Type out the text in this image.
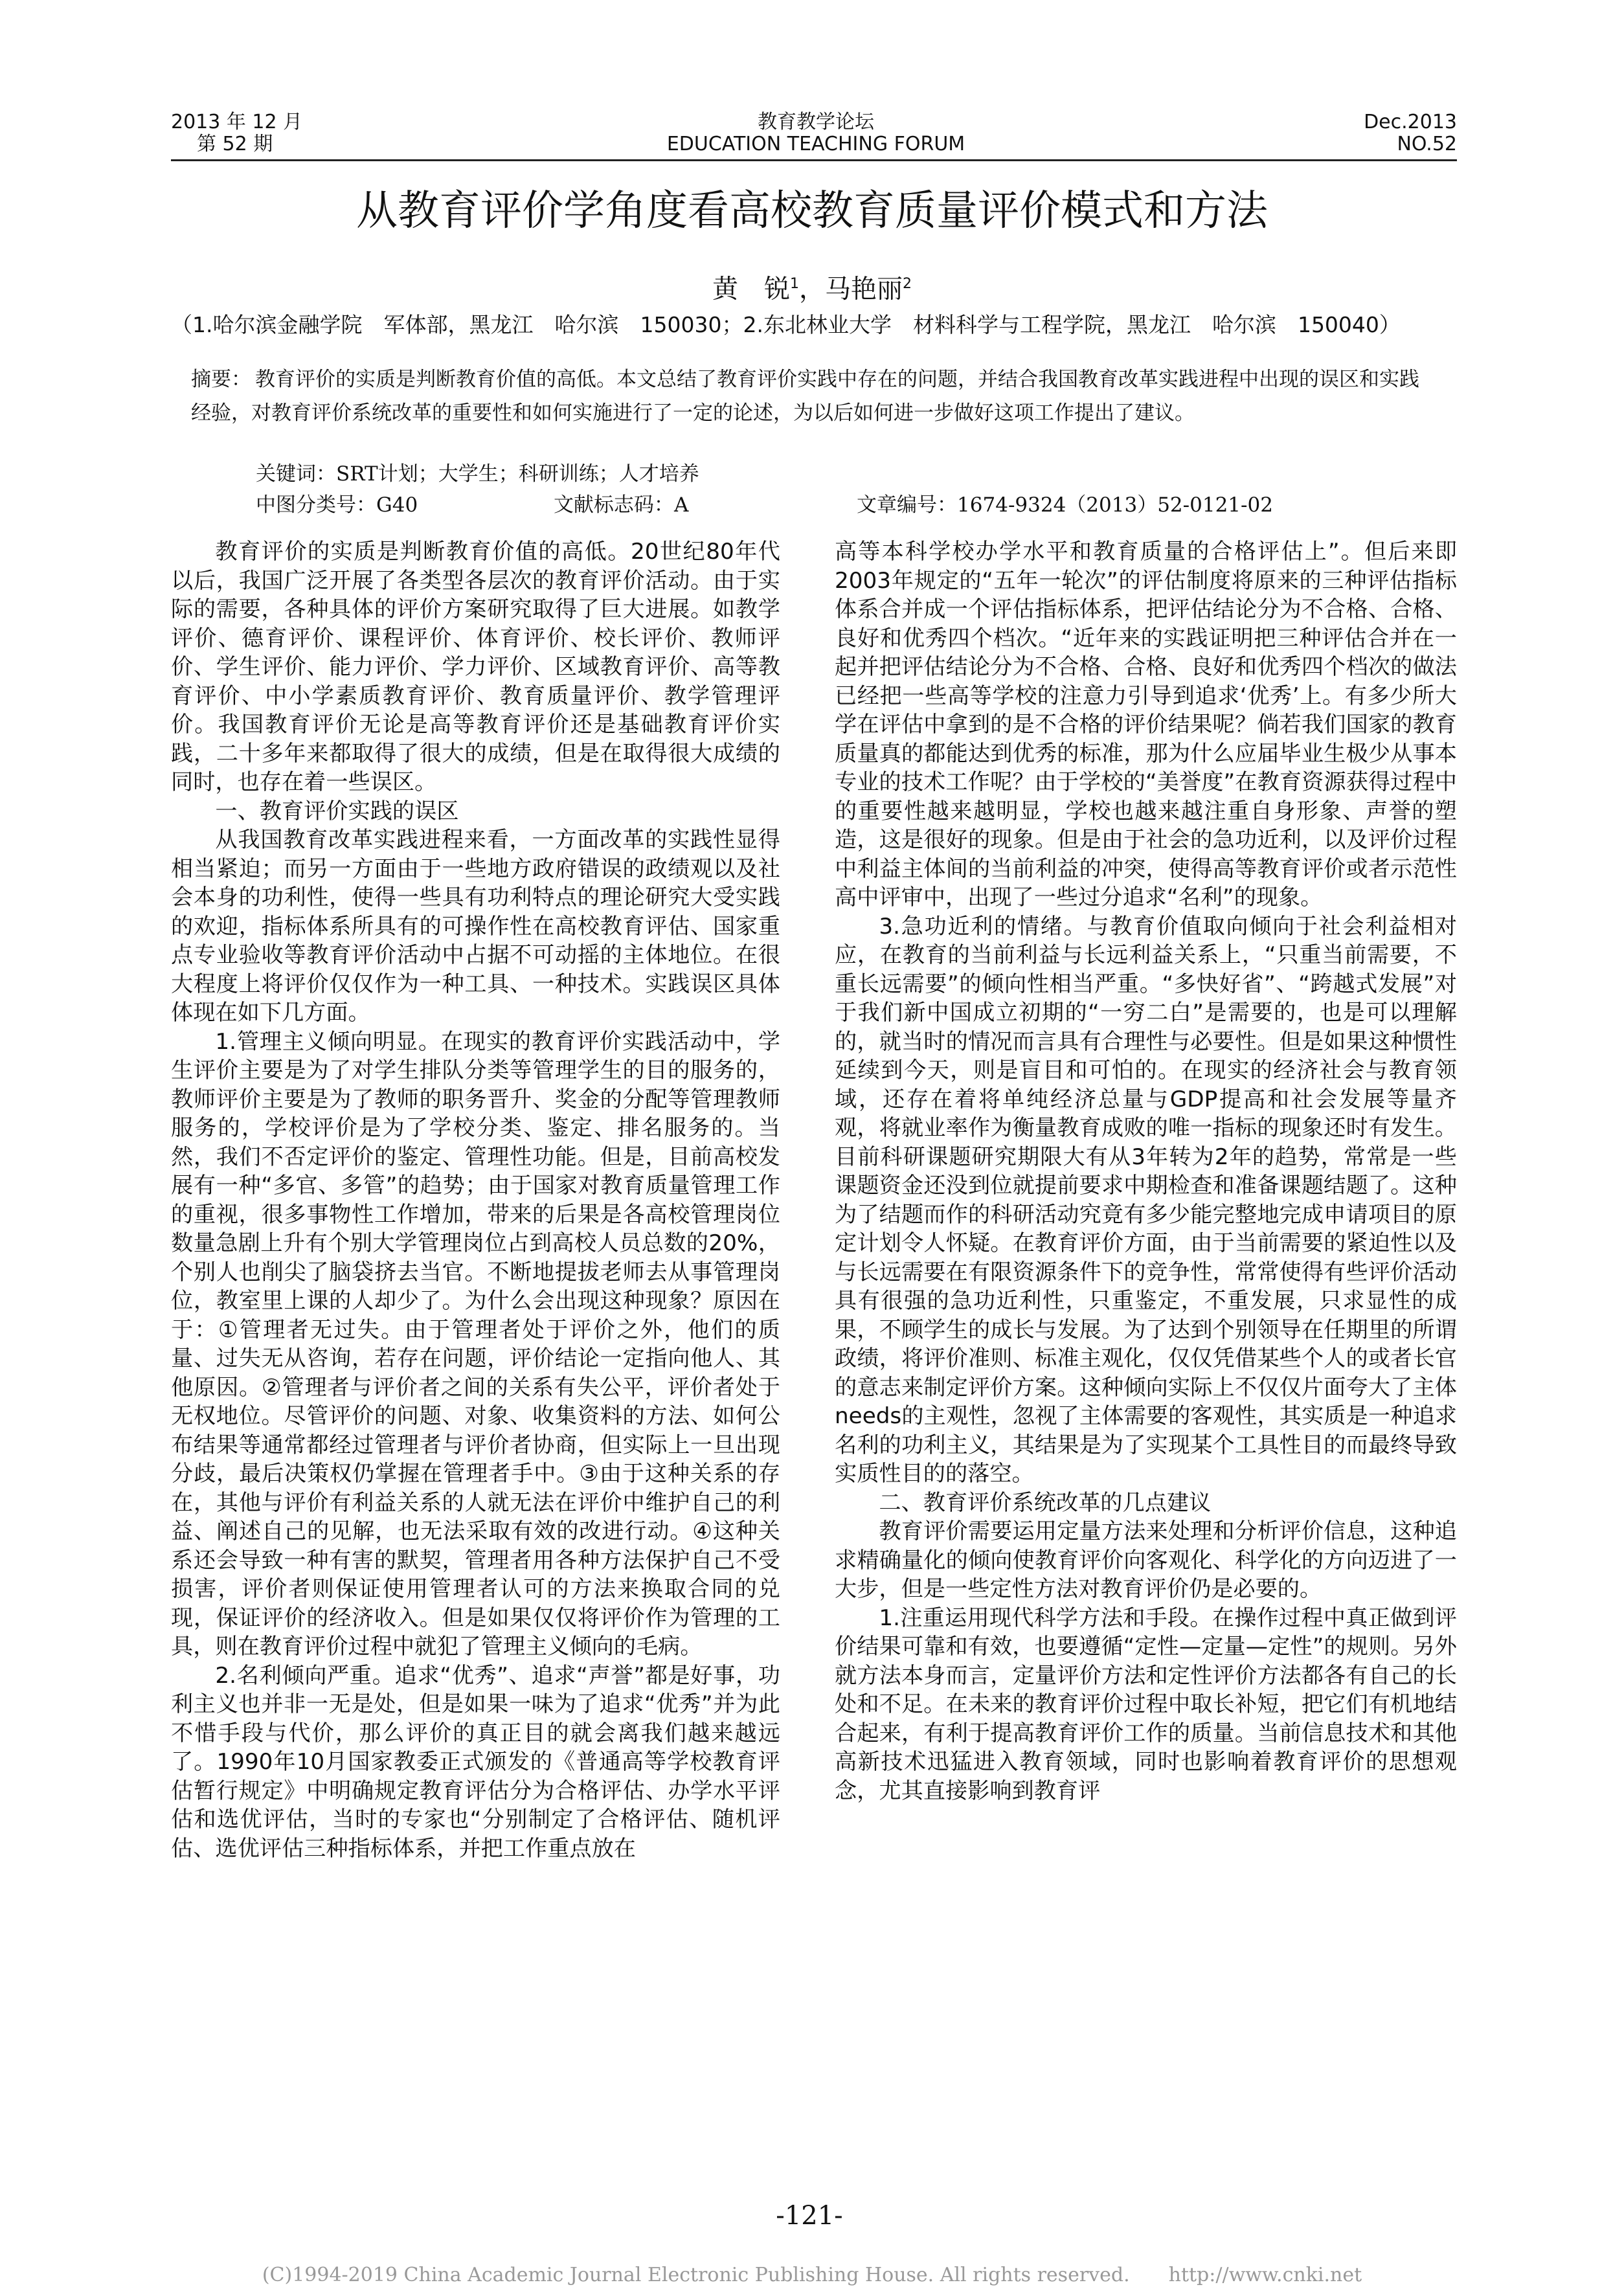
2013 年 12 月
第 52 期
教育教学论坛
EDUCATION TEACHING FORUM
Dec.2013
NO.52
从教育评价学角度看高校教育质量评价模式和方法
黄　锐$^1$，马艳丽$^2$
（1.哈尔滨金融学院　军体部，黑龙江　哈尔滨　150030；2.东北林业大学　材料科学与工程学院，黑龙江　哈尔滨　150040）
摘要： 教育评价的实质是判断教育价值的高低。本文总结了教育评价实践中存在的问题，并结合我国教育改革实践进程中出现的误区和实践经验，对教育评价系统改革的重要性和如何实施进行了一定的论述，为以后如何进一步做好这项工作提出了建议。
关键词：SRT计划；大学生；科研训练；人才培养
中图分类号：G40	文献标志码：A	文章编号：1674-9324（2013）52-0121-02

教育评价的实质是判断教育价值的高低。20世纪80年代以后，我国广泛开展了各类型各层次的教育评价活动。由于实际的需要，各种具体的评价方案研究取得了巨大进展。如教学评价、德育评价、课程评价、体育评价、校长评价、教师评价、学生评价、能力评价、学力评价、区域教育评价、高等教育评价、中小学素质教育评价、教育质量评价、教学管理评价。我国教育评价无论是高等教育评价还是基础教育评价实践，二十多年来都取得了很大的成绩，但是在取得很大成绩的同时，也存在着一些误区。

一、教育评价实践的误区

从我国教育改革实践进程来看，一方面改革的实践性显得相当紧迫；而另一方面由于一些地方政府错误的政绩观以及社会本身的功利性，使得一些具有功利特点的理论研究大受实践的欢迎，指标体系所具有的可操作性在高校教育评估、国家重点专业验收等教育评价活动中占据不可动摇的主体地位。在很大程度上将评价仅仅作为一种工具、一种技术。实践误区具体体现在如下几方面。

1.管理主义倾向明显。在现实的教育评价实践活动中，学生评价主要是为了对学生排队分类等管理学生的目的服务的，教师评价主要是为了教师的职务晋升、奖金的分配等管理教师服务的，学校评价是为了学校分类、鉴定、排名服务的。当然，我们不否定评价的鉴定、管理性功能。但是，目前高校发展有一种“多官、多管”的趋势；由于国家对教育质量管理工作的重视，很多事物性工作增加，带来的后果是各高校管理岗位数量急剧上升有个别大学管理岗位占到高校人员总数的20%，个别人也削尖了脑袋挤去当官。不断地提拔老师去从事管理岗位，教室里上课的人却少了。为什么会出现这种现象？原因在于：①管理者无过失。由于管理者处于评价之外，他们的质量、过失无从咨询，若存在问题，评价结论一定指向他人、其他原因。②管理者与评价者之间的关系有失公平，评价者处于无权地位。尽管评价的问题、对象、收集资料的方法、如何公布结果等通常都经过管理者与评价者协商，但实际上一旦出现分歧，最后决策权仍掌握在管理者手中。③由于这种关系的存在，其他与评价有利益关系的人就无法在评价中维护自己的利益、阐述自己的见解，也无法采取有效的改进行动。④这种关系还会导致一种有害的默契，管理者用各种方法保护自己不受损害，评价者则保证使用管理者认可的方法来换取合同的兑现，保证评价的经济收入。但是如果仅仅将评价作为管理的工具，则在教育评价过程中就犯了管理主义倾向的毛病。

2.名利倾向严重。追求“优秀”、追求“声誉”都是好事，功利主义也并非一无是处，但是如果一味为了追求“优秀”并为此不惜手段与代价，那么评价的真正目的就会离我们越来越远了。1990年10月国家教委正式颁发的《普通高等学校教育评估暂行规定》中明确规定教育评估分为合格评估、办学水平评估和选优评估，当时的专家也“分别制定了合格评估、随机评估、选优评估三种指标体系，并把工作重点放在

高等本科学校办学水平和教育质量的合格评估上”。但后来即2003年规定的“五年一轮次”的评估制度将原来的三种评估指标体系合并成一个评估指标体系，把评估结论分为不合格、合格、良好和优秀四个档次。“近年来的实践证明把三种评估合并在一起并把评估结论分为不合格、合格、良好和优秀四个档次的做法已经把一些高等学校的注意力引导到追求‘优秀’上。有多少所大学在评估中拿到的是不合格的评价结果呢？倘若我们国家的教育质量真的都能达到优秀的标准，那为什么应届毕业生极少从事本专业的技术工作呢？由于学校的“美誉度”在教育资源获得过程中的重要性越来越明显，学校也越来越注重自身形象、声誉的塑造，这是很好的现象。但是由于社会的急功近利，以及评价过程中利益主体间的当前利益的冲突，使得高等教育评价或者示范性高中评审中，出现了一些过分追求“名利”的现象。

3.急功近利的情绪。与教育价值取向倾向于社会利益相对应，在教育的当前利益与长远利益关系上，“只重当前需要，不重长远需要”的倾向性相当严重。“多快好省”、“跨越式发展”对于我们新中国成立初期的“一穷二白”是需要的，也是可以理解的，就当时的情况而言具有合理性与必要性。但是如果这种惯性延续到今天，则是盲目和可怕的。在现实的经济社会与教育领域，还存在着将单纯经济总量与GDP提高和社会发展等量齐观，将就业率作为衡量教育成败的唯一指标的现象还时有发生。目前科研课题研究期限大有从3年转为2年的趋势，常常是一些课题资金还没到位就提前要求中期检查和准备课题结题了。这种为了结题而作的科研活动究竟有多少能完整地完成申请项目的原定计划令人怀疑。在教育评价方面，由于当前需要的紧迫性以及与长远需要在有限资源条件下的竞争性，常常使得有些评价活动具有很强的急功近利性，只重鉴定，不重发展，只求显性的成果，不顾学生的成长与发展。为了达到个别领导在任期里的所谓政绩，将评价准则、标准主观化，仅仅凭借某些个人的或者长官的意志来制定评价方案。这种倾向实际上不仅仅片面夸大了主体needs的主观性，忽视了主体需要的客观性，其实质是一种追求名利的功利主义，其结果是为了实现某个工具性目的而最终导致实质性目的的落空。

二、教育评价系统改革的几点建议

教育评价需要运用定量方法来处理和分析评价信息，这种追求精确量化的倾向使教育评价向客观化、科学化的方向迈进了一大步，但是一些定性方法对教育评价仍是必要的。

1.注重运用现代科学方法和手段。在操作过程中真正做到评价结果可靠和有效，也要遵循“定性—定量—定性”的规则。另外就方法本身而言，定量评价方法和定性评价方法都各有自己的长处和不足。在未来的教育评价过程中取长补短，把它们有机地结合起来，有利于提高教育评价工作的质量。当前信息技术和其他高新技术迅猛进入教育领域，同时也影响着教育评价的思想观念，尤其直接影响到教育评

-121-
(C)1994-2019 China Academic Journal Electronic Publishing House. All rights reserved.　　http://www.cnki.net
